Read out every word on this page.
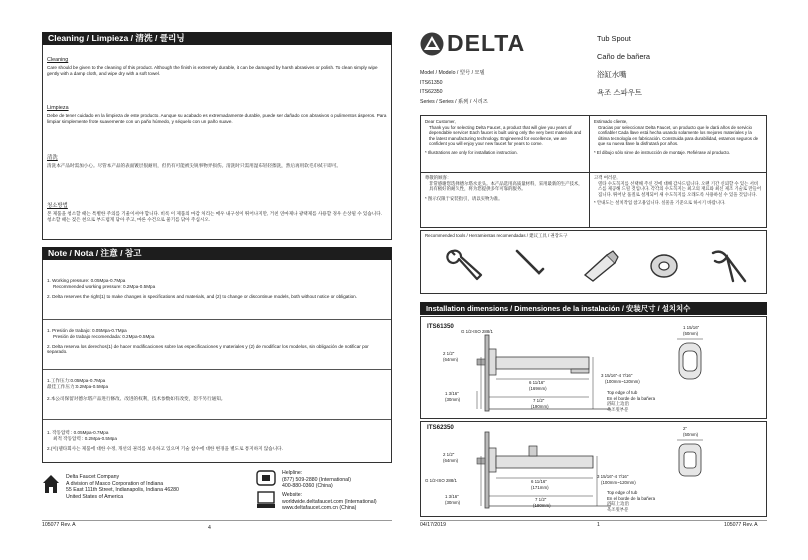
Cleaning / Limpieza / 清洗 / 클리닝
Cleaning
Care should be given to the cleaning of this product. Although the finish is extremely durable, it can be damaged by harsh abrasives or polish. To clean simply wipe gently with a damp cloth, and wipe dry with a soft towel.
Limpieza
Debe de tener cuidado en la limpieza de este producto. Aunque su acabado es extremadamente durable, puede ser dañado con abrasivos o pulimentos ásperos. Para limpiar simplemente frote suavemente con un paño húmedo, y séquelo con un paño suave.
清洗
清洗本产品时需加小心。尽管本产品的表面镀层很耐用，但仍有可能被尖锐事物弄损伤。清洗时只需用湿布轻轻擦洗，然后再用软毛巾拭干即可。
청소방법
본 제품을 청소할 때는 특별한 주의를 기울이셔야 합니다. 비록 이 제품의 마감 처리는 매우 내구성이 뛰어나지만, 거친 연마제나 광택제를 사용할 경우 손상될 수 있습니다. 청소할 때는 젖은 천으로 부드럽게 닦아 주고, 마른 수건으로 물기를 닦아 주십시오.
Note / Nota / 注意 / 참고
1. Working pressure: 0.05Mpa-0.7Mpa
Recommended working pressure: 0.2Mpa-0.5Mpa
2. Delta reserves the right(1) to make changes in specifications and materials, and (2) to change or discontinue models, both without notice or obligation.
1. Presión de trabajo: 0.05Mpa-0.7Mpa
Presión de trabajo recomendada: 0.2Mpa-0.5Mpa
2. Delta reserva los derechos(1) de hacer modificaciones sobre las especificaciones y materiales y (2) de modificar los modelos, sin obligación de notificar por separado.
1.工作压力:0.05Mpa-0.7Mpa
最佳工作压力:0.2Mpa-0.5Mpa
2.本公司保留对德尔塔产品进行修改、改进的权利，技术参数如有改变，恕不另行通知。
1. 작동압력 : 0.05Mpa-0.7Mpa
최적 작동압력 : 0.2Mpa-0.5Mpa
2.(이)델타회사는 제품에 대한 수정, 개선의 권리를 보유하고 있으며 기술 참수에 대한 변경을 별도로 통지하지 않습니다.
Delta Faucet Company
A division of Masco Corporation of Indiana
55 East 111th Street, Indianapolis, Indiana 46280
United States of America
Helpline:
(877) 509-2880 (International)
400-880-0360 (China)
Website:
worldwide.deltafaucet.com (International)
www.deltafaucet.com.cn (China)
105077 Rev. A	4
DELTA
Model / Modelo / 型号 / 모델
ITS61350
ITS62350
Series / Series / 系列 / 시리즈
Tub Spout
Caño de bañera
浴缸水嘴
욕조 스파우트
Dear Customer,
Thank you for selecting Delta Faucet, a product that will give you years of dependable service! Each faucet is built using only the very best materials and the latest manufacturing technology. Engineered for excellence, we are confident you will enjoy your new faucet for years to come.
* Illustrations are only for installation instruction.
Estimado cliente,
Gracias por seleccionar Delta Faucet, un producto que le dará años de servicio confiable! Cada llave está hecha usando solamente los mejores materiales y la última tecnología en fabricación. Construida para durabilidad, estamos seguros de que su nueva llave la disfrutará por años.
* El dibujo sólo sirve de instrucción de montaje. Refiérase al producto.
尊敬的顾客：
非常感谢您选择德尔塔水龙头。本产品选用高质量材料，采用最新的生产技术，具有极好的耐久性，将为您提供多年可靠的服务。
* 图示仅限于安装指引，请以实物为准。
고객 여러분,
델타 수도꼭지를 선택해 주신 것에 대해 감사드립니다. 오랜 기간 신뢰할 수 있는 서비스를 제공해 드릴 것입니다. 각각의 수도꼭지는 최고의 재료와 최신 제조 기술로 만들어집니다. 뛰어난 품질로 설계되어 새 수도꼭지를 오래도록 사용하실 수 있을 것입니다.
* 안내도는 설치작업 참고용입니다. 실물을 기준으로 하시기 바랍니다.
Recommended tools / Herramientas recomendadas / 建议工具 / 권장도구
Installation dimensions / Dimensiones de la instalación / 安装尺寸 / 설치치수
ITS61350
G 1/2-ISO 288/1
2 1/2"
(64mm)
6 11/16"
(169mm)
7 1/2"
(190mm)
1 3/16"
(30mm)
3 15/16"-4 7/16"
(100mm~120mm)
Top edge of tub
En el borde de la bañera
浴缸上边沿
욕조윗부분
1 15/16"
(50mm)
ITS62350
G 1/2-ISO 288/1
2 1/2"
(64mm)
6 11/16"
(171mm)
7 1/2"
(190mm)
1 3/16"
(30mm)
3 15/16"-4 7/16"
(100mm~120mm)
Top edge of tub
En el borde de la bañera
浴缸上边沿
욕조윗부분
2"
(50mm)
04/17/2019	1	105077 Rev. A
